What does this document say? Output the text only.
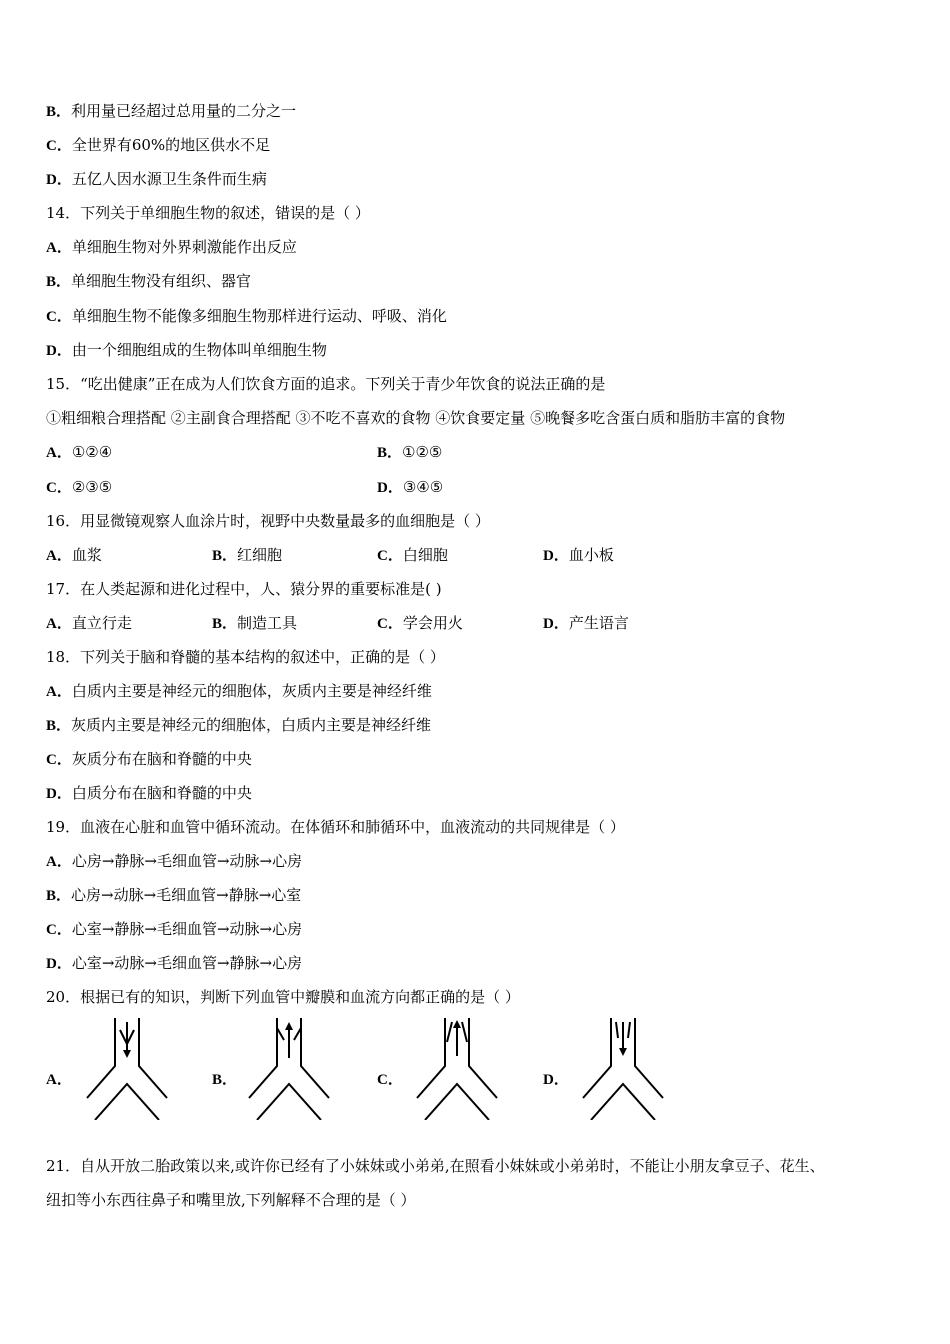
B．利用量已经超过总用量的二分之一
C．全世界有60%的地区供水不足
D．五亿人因水源卫生条件而生病
14．下列关于单细胞生物的叙述，错误的是（ ）
A．单细胞生物对外界刺激能作出反应
B．单细胞生物没有组织、器官
C．单细胞生物不能像多细胞生物那样进行运动、呼吸、消化
D．由一个细胞组成的生物体叫单细胞生物
15．“吃出健康”正在成为人们饮食方面的追求。下列关于青少年饮食的说法正确的是
①粗细粮合理搭配 ②主副食合理搭配 ③不吃不喜欢的食物 ④饮食要定量 ⑤晚餐多吃含蛋白质和脂肪丰富的食物
A．①②④	B．①②⑤
C．②③⑤	D．③④⑤
16．用显微镜观察人血涂片时，视野中央数量最多的血细胞是（ ）
A．血浆	B．红细胞	C．白细胞	D．血小板
17．在人类起源和进化过程中，人、猿分界的重要标准是( )
A．直立行走	B．制造工具	C．学会用火	D．产生语言
18．下列关于脑和脊髓的基本结构的叙述中，正确的是（ ）
A．白质内主要是神经元的细胞体，灰质内主要是神经纤维
B．灰质内主要是神经元的细胞体，白质内主要是神经纤维
C．灰质分布在脑和脊髓的中央
D．白质分布在脑和脊髓的中央
19．血液在心脏和血管中循环流动。在体循环和肺循环中，血液流动的共同规律是（ ）
A．心房→静脉→毛细血管→动脉→心房
B．心房→动脉→毛细血管→静脉→心室
C．心室→静脉→毛细血管→动脉→心房
D．心室→动脉→毛细血管→静脉→心房
20．根据已有的知识，判断下列血管中瓣膜和血流方向都正确的是（ ）
A．	B．	C．	D．
21．自从开放二胎政策以来,或许你已经有了小妹妹或小弟弟,在照看小妹妹或小弟弟时，不能让小朋友拿豆子、花生、
纽扣等小东西往鼻子和嘴里放,下列解释不合理的是（ ）
